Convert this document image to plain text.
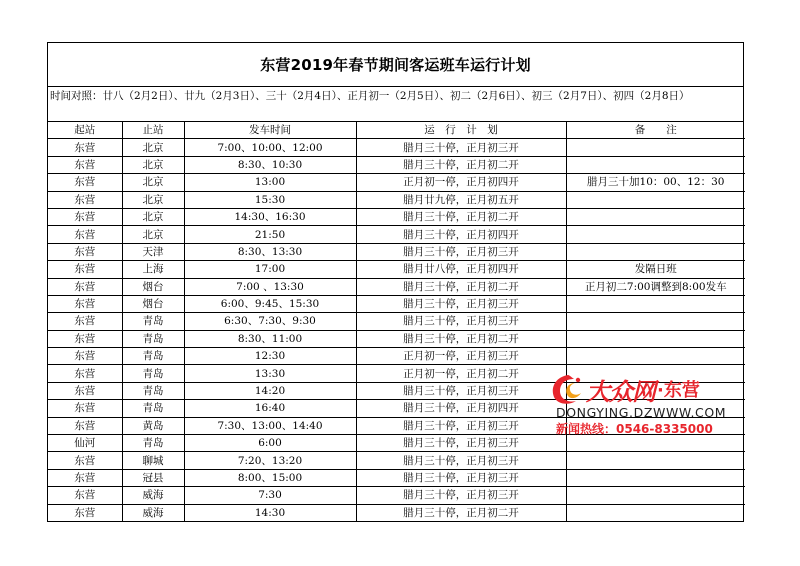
东营2019年春节期间客运班车运行计划
时间对照：廿八（2月2日）、廿九（2月3日）、三十（2月4日）、正月初一（2月5日）、初二（2月6日）、初三（2月7日）、初四（2月8日）
起站	止站	发车时间	运　行　计　划	备　　注
东营	北京	7:00、10:00、12:00	腊月三十停，正月初三开	
东营	北京	8:30、10:30	腊月三十停，正月初二开	
东营	北京	13:00	正月初一停，正月初四开	腊月三十加10：00、12：30
东营	北京	15:30	腊月廿九停，正月初五开	
东营	北京	14:30、16:30	腊月三十停，正月初二开	
东营	北京	21:50	腊月三十停，正月初四开	
东营	天津	8:30、13:30	腊月三十停，正月初三开	
东营	上海	17:00	腊月廿八停，正月初四开	发隔日班
东营	烟台	7:00 、13:30	腊月三十停，正月初二开	正月初二7:00调整到8:00发车
东营	烟台	6:00、9:45、15:30	腊月三十停，正月初三开	
东营	青岛	6:30、7:30、9:30	腊月三十停，正月初三开	
东营	青岛	8:30、11:00	腊月三十停，正月初二开	
东营	青岛	12:30	正月初一停，正月初三开	
东营	青岛	13:30	正月初一停，正月初二开	
东营	青岛	14:20	腊月三十停，正月初三开	
东营	青岛	16:40	腊月三十停，正月初四开	
东营	黄岛	7:30、13:00、14:40	腊月三十停，正月初三开	
仙河	青岛	6:00	腊月三十停，正月初三开	
东营	聊城	7:20、13:20	腊月三十停，正月初三开	
东营	冠县	8:00、15:00	腊月三十停，正月初三开	
东营	威海	7:30	腊月三十停，正月初三开	
东营	威海	14:30	腊月三十停，正月初二开	
大众网 ·东营
DONGYING.DZWWW.COM
新闻热线：0546-8335000
